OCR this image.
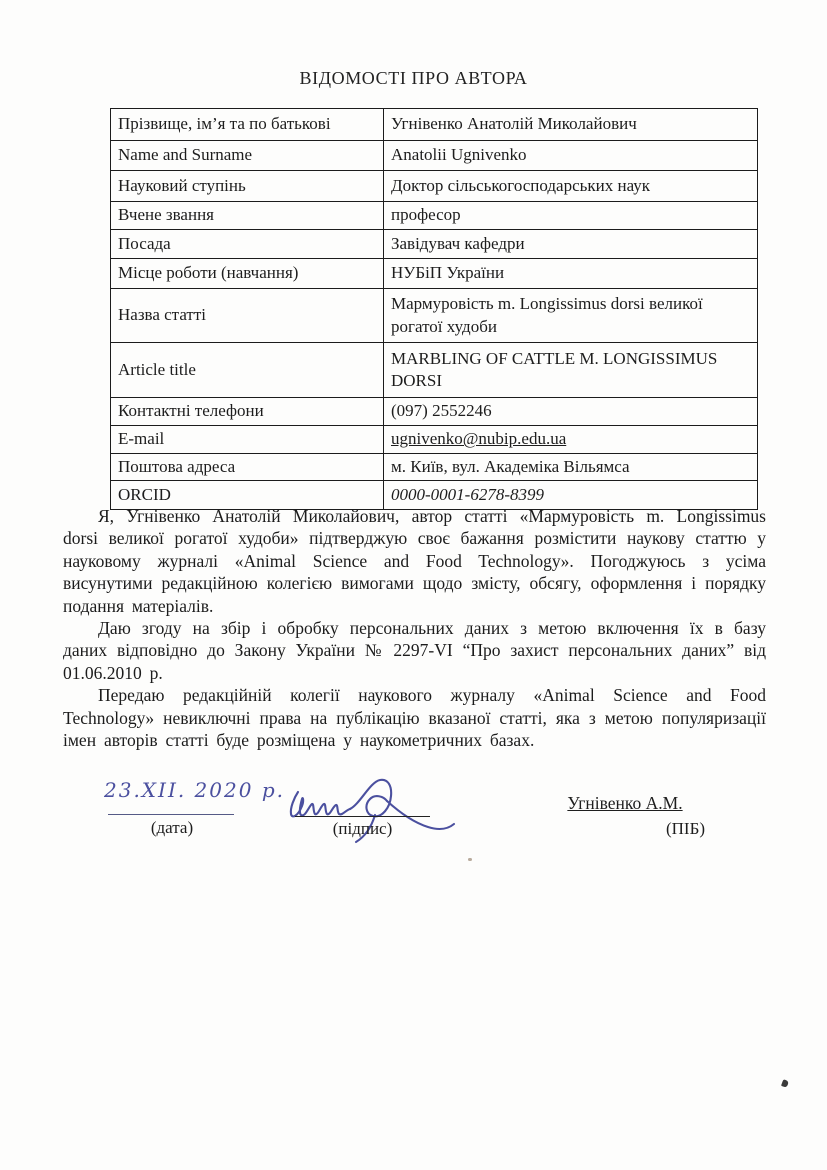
ВІДОМОСТІ ПРО АВТОРА
Прізвище, ім’я та по батькові	Угнівенко Анатолій Миколайович
Name and Surname	Anatolii Ugnivenko
Науковий ступінь	Доктор сільськогосподарських наук
Вчене звання	професор
Посада	Завідувач кафедри
Місце роботи (навчання)	НУБіП України
Назва статті	Мармуровість m. Longissimus dorsi великої рогатої худоби
Article title	MARBLING OF CATTLE M. LONGISSIMUS DORSI
Контактні телефони	(097) 2552246
E-mail	ugnivenko@nubip.edu.ua
Поштова адреса	м. Київ, вул. Академіка Вільямса
ORCID	0000-0001-6278-8399

Я, Угнівенко Анатолій Миколайович, автор статті «Мармуровість m. Longissimus dorsi великої рогатої худоби» підтверджую своє бажання розмістити наукову статтю у науковому журналі «Animal Science and Food Technology». Погоджуюсь з усіма висунутими редакційною колегією вимогами щодо змісту, обсягу, оформлення і порядку подання матеріалів.

Даю згоду на збір і обробку персональних даних з метою включення їх в базу даних відповідно до Закону України № 2297-VI “Про захист персональних даних” від 01.06.2010 р.

Передаю редакційній колегії наукового журналу «Animal Science and Food Technology» невиключні права на публікацію вказаної статті, яка з метою популяризації імен авторів статті буде розміщена у наукометричних базах.

23.XII. 2020 р.
(дата)	(підпис)
Угнівенко А.М.
(ПІБ)
